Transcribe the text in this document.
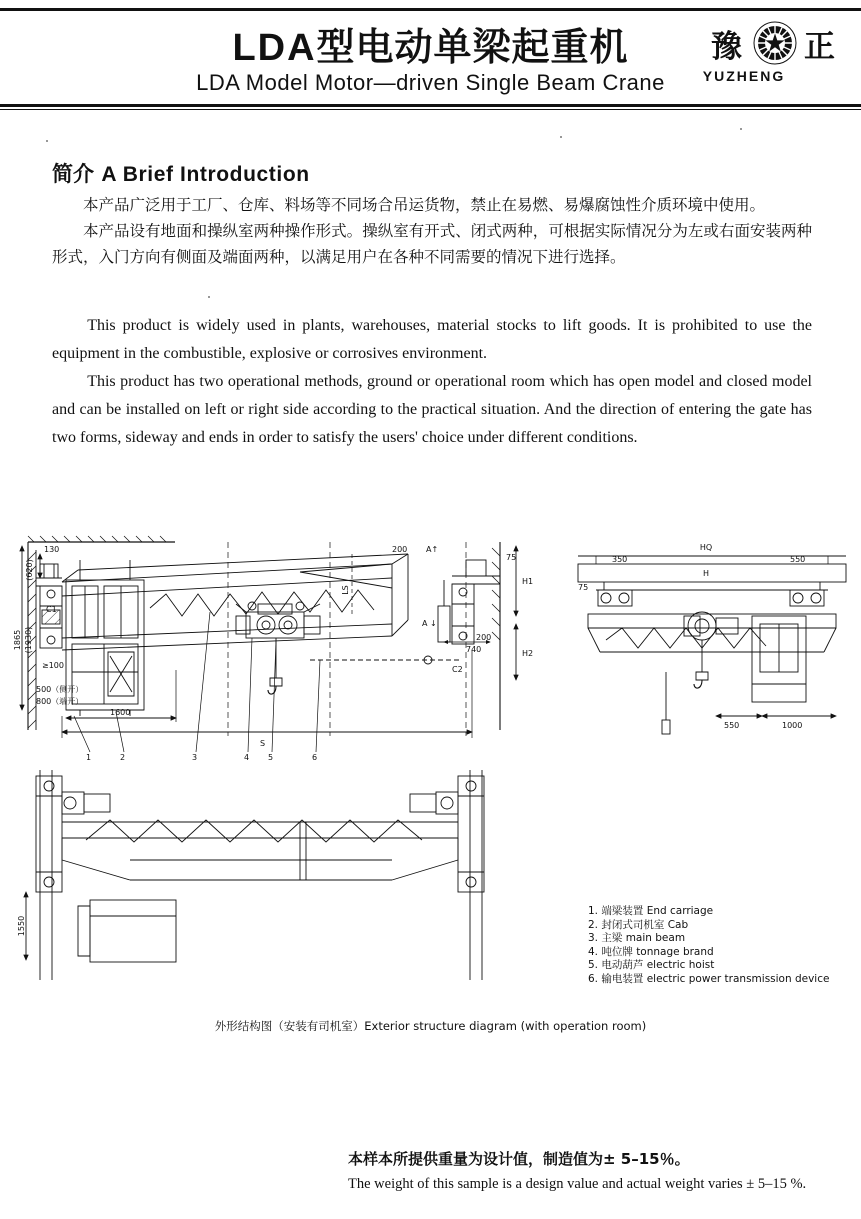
LDA型电动单梁起重机
LDA Model Motor—driven Single Beam Crane
豫 正
YUZHENG
简介 A Brief Introduction

本产品广泛用于工厂、仓库、料场等不同场合吊运货物，禁止在易燃、易爆腐蚀性介质环境中使用。

本产品设有地面和操纵室两种操作形式。操纵室有开式、闭式两种，可根据实际情况分为左或右面安装两种形式，入门方向有侧面及端面两种，以满足用户在各种不同需要的情况下进行选择。

This product is widely used in plants, warehouses, material stocks to lift goods. It is prohibited to use the equipment in the combustible, explosive or corrosives environment.

This product has two operational methods, ground or operational room which has open model and closed model and can be installed on left or right side according to the practical situation. And the direction of entering the gate has two forms, sideway and ends in order to satisfy the users' choice under different conditions.

S
1600
1865 (1930)
(620)
130
C1
≥100
500（侧开）
800（端开）
H1
H2
75
LS
200 A↑
A ↓
740
200
C2
1	2	3	4 5	6
HQ
H
350	550
75
550	1000
1550
1. 端梁装置 End carriage
2. 封闭式司机室 Cab
3. 主梁 main beam
4. 吨位牌 tonnage brand
5. 电动葫芦 electric hoist
6. 输电装置 electric power transmission device
外形结构图（安装有司机室）Exterior structure diagram (with operation room)
本样本所提供重量为设计值，制造值为± 5–15％。
The weight of this sample is a design value and actual weight varies ± 5–15 %.
